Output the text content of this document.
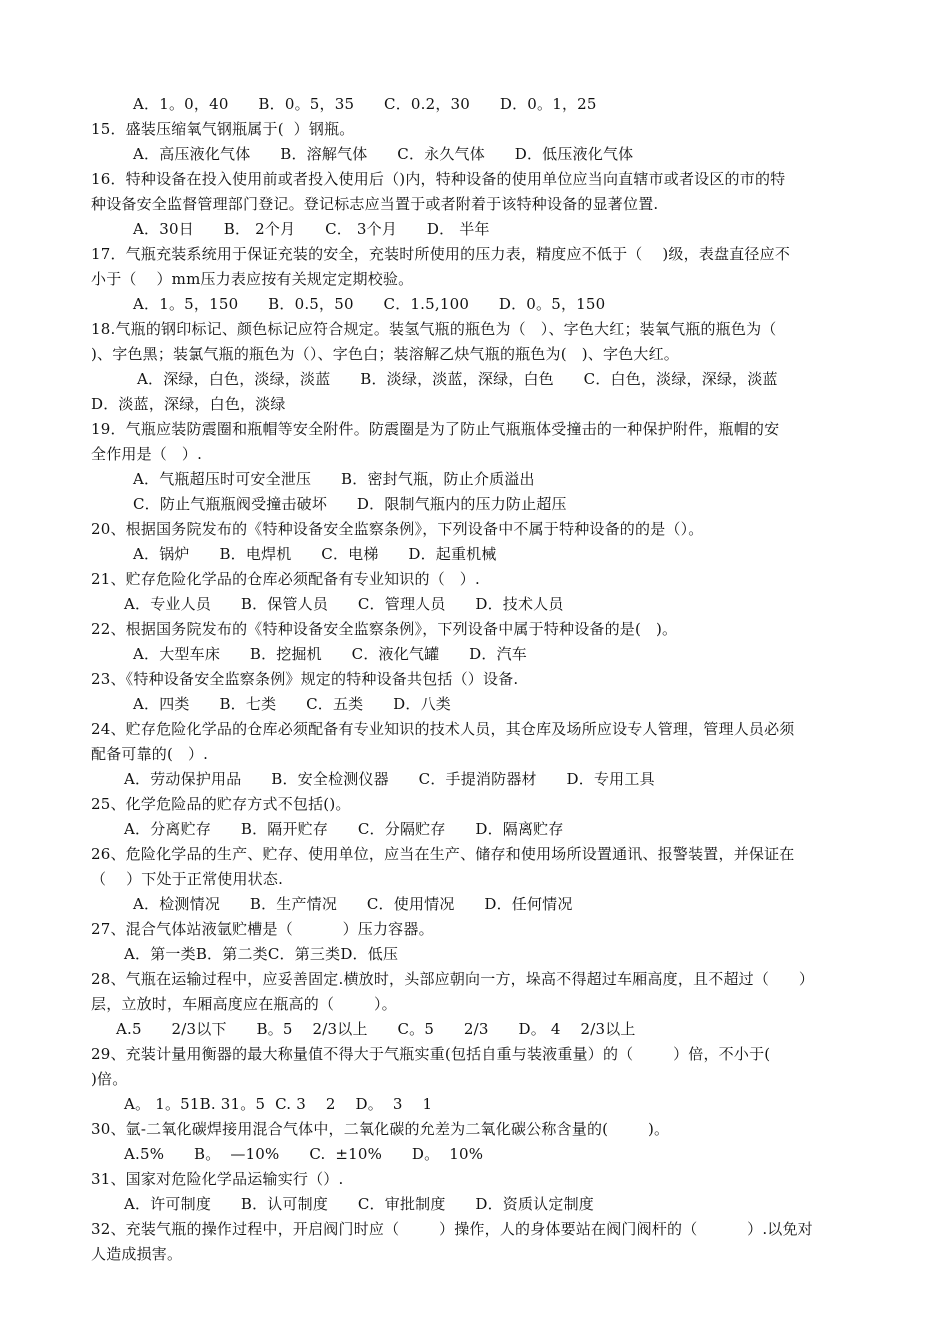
A．1。0，40      B．0。5，35      C．0.2，30      D．0。1，25
15．盛装压缩氧气钢瓶属于(  ）钢瓶。
A．高压液化气体      B．溶解气体      C．永久气体      D．低压液化气体
16．特种设备在投入使用前或者投入使用后（)内，特种设备的使用单位应当向直辖市或者设区的市的特
种设备安全监督管理部门登记。登记标志应当置于或者附着于该特种设备的显著位置.
A．30日      B． 2个月      C． 3个月      D． 半年
17．气瓶充装系统用于保证充装的安全，充装时所使用的压力表，精度应不低于（    )级，表盘直径应不
小于（    ）mm压力表应按有关规定定期校验。
A．1。5，150      B．0.5，50      C．1.5,100      D．0。5，150
18.气瓶的钢印标记、颜色标记应符合规定。装氢气瓶的瓶色为（   ）、字色大红；装氧气瓶的瓶色为（
)、字色黑；装氯气瓶的瓶色为（）、字色白；装溶解乙炔气瓶的瓶色为(   )、字色大红。
A．深绿，白色，淡绿，淡蓝      B．淡绿，淡蓝，深绿，白色      C．白色，淡绿，深绿，淡蓝
D．淡蓝，深绿，白色，淡绿
19．气瓶应装防震圈和瓶帽等安全附件。防震圈是为了防止气瓶瓶体受撞击的一种保护附件，瓶帽的安
全作用是（   ）.
A．气瓶超压时可安全泄压      B．密封气瓶，防止介质溢出
C．防止气瓶瓶阀受撞击破坏      D．限制气瓶内的压力防止超压
20、根据国务院发布的《特种设备安全监察条例》，下列设备中不属于特种设备的的是（）。
A．锅炉      B．电焊机      C．电梯      D．起重机械
21、贮存危险化学品的仓库必须配备有专业知识的（   ）.
A．专业人员      B．保管人员      C．管理人员      D．技术人员
22、根据国务院发布的《特种设备安全监察条例》，下列设备中属于特种设备的是(   )。
A．大型车床      B．挖掘机      C．液化气罐      D．汽车
23、《特种设备安全监察条例》规定的特种设备共包括（）设备.
A．四类      B．七类      C．五类      D．八类
24、贮存危险化学品的仓库必须配备有专业知识的技术人员，其仓库及场所应设专人管理，管理人员必须
配备可靠的(   ）.
A．劳动保护用品      B．安全检测仪器      C．手提消防器材      D．专用工具
25、化学危险品的贮存方式不包括()。
A．分离贮存      B．隔开贮存      C．分隔贮存      D．隔离贮存
26、危险化学品的生产、贮存、使用单位，应当在生产、储存和使用场所设置通讯、报警装置，并保证在
（    ）下处于正常使用状态.
A．检测情况      B．生产情况      C．使用情况      D．任何情况
27、混合气体站液氩贮槽是（          ）压力容器。
A．第一类B．第二类C．第三类D．低压
28、气瓶在运输过程中，应妥善固定.横放时，头部应朝向一方，垛高不得超过车厢高度，且不超过（      ）
层，立放时，车厢高度应在瓶高的（        ）。
A.5      2/3以下      B。5    2/3以上      C。5      2/3      D。 4    2/3以上
29、充装计量用衡器的最大称量值不得大于气瓶实重(包括自重与装液重量）的（        ）倍，不小于(
)倍。
A。 1。51B. 31。5  C. 3    2    D。  3    1
30、氩-二氧化碳焊接用混合气体中，二氧化碳的允差为二氧化碳公称含量的(        )。
A.5%      B。  —10%      C.  ±10%      D。  10%
31、国家对危险化学品运输实行（）.
A．许可制度      B．认可制度      C．审批制度      D．资质认定制度
32、充装气瓶的操作过程中，开启阀门时应（        ）操作，人的身体要站在阀门阀杆的（          ）.以免对
人造成损害。
